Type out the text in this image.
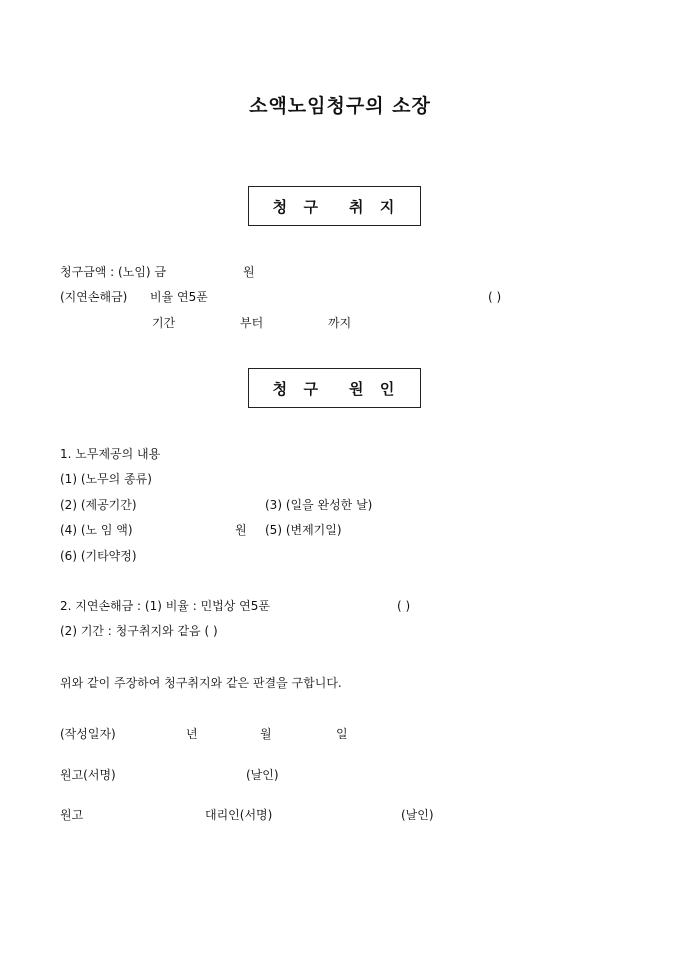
소액노임청구의 소장
청  구    취  지
청구금액 : (노임) 금	원
(지연손해금) 비율 연5푼	( )
기간	부터	까지
청  구    원  인
1. 노무제공의 내용
(1) (노무의 종류)
(2) (제공기간)	(3) (일을 완성한 날)
(4) (노 임 액)	원 (5) (변제기일)
(6) (기타약정)
2. 지연손해금 : (1) 비율 : 민법상 연5푼	( )
(2) 기간 : 청구취지와 같음 ( )
위와 같이 주장하여 청구취지와 같은 판결을 구합니다.
(작성일자)	년	월	일
원고(서명)	(날인)
원고	대리인(서명)	(날인)
